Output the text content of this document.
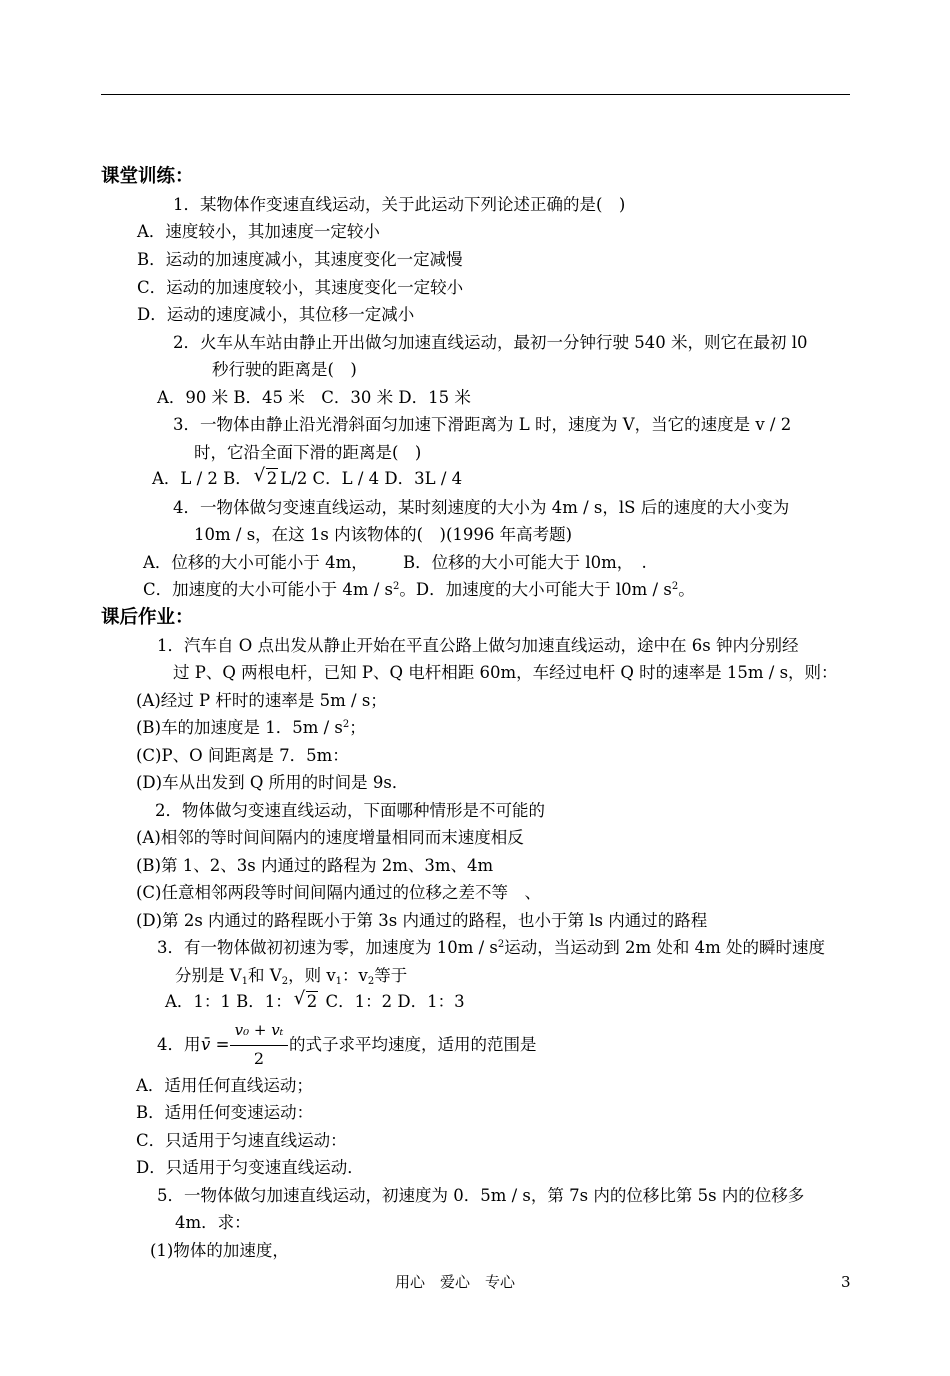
课堂训练：
1．某物体作变速直线运动，关于此运动下列论述正确的是(　)
A．速度较小，其加速度一定较小
B．运动的加速度减小，其速度变化一定减慢
C．运动的加速度较小，其速度变化一定较小
D．运动的速度减小，其位移一定减小
2．火车从车站由静止开出做匀加速直线运动，最初一分钟行驶 540 米，则它在最初 l0
秒行驶的距离是(　)
A．90 米 B．45 米　C．30 米 D．15 米
3．一物体由静止沿光滑斜面匀加速下滑距离为 L 时，速度为 V，当它的速度是 v / 2
时，它沿全面下滑的距离是(　)
A．L / 2 B． √ 2 L/2 C．L / 4 D．3L / 4
4．一物体做匀变速直线运动，某时刻速度的大小为 4m / s，lS 后的速度的大小变为
10m / s，在这 1s 内该物体的(　)(1996 年高考题)
A．位移的大小可能小于 4m， B．位移的大小可能大于 l0m，　.
C．加速度的大小可能小于 $4m / s^2$。D．加速度的大小可能大于 $l0m / s^2$。
课后作业：
1．汽车自 O 点出发从静止开始在平直公路上做匀加速直线运动，途中在 6s 钟内分别经
过 P、Q 两根电杆，已知 P、Q 电杆相距 60m，车经过电杆 Q 时的速率是 15m / s，则：
(A)经过 P 杆时的速率是 5m / s；
(B)车的加速度是 1．$5m / s^2$；
(C)P、O 间距离是 7．5m：
(D)车从出发到 Q 所用的时间是 9s．
2．物体做匀变速直线运动，下面哪种情形是不可能的
(A)相邻的等时间间隔内的速度增量相同而末速度相反
(B)第 1、2、3s 内通过的路程为 2m、3m、4m
(C)任意相邻两段等时间间隔内通过的位移之差不等　、
(D)第 2s 内通过的路程既小于第 3s 内通过的路程，也小于第 ls 内通过的路程
3．有一物体做初初速为零，加速度为 $10m / s^2$运动，当运动到 2m 处和 4m 处的瞬时速度
分别是 $V_1$和 $V_2$，则 $v_1$：$v_2$等于
A．1：1 B．1： √ 2 C．1：2 D．1：3
4．用 v̄ =
v₀ + vₜ
2
的式子求平均速度，适用的范围是
A．适用任何直线运动；
B．适用任何变速运动：
C．只适用于匀速直线运动：
D．只适用于匀变速直线运动．
5．一物体做匀加速直线运动，初速度为 0．5m / s，第 7s 内的位移比第 5s 内的位移多
4m．求：
(1)物体的加速度，
用心　爱心　专心	3
